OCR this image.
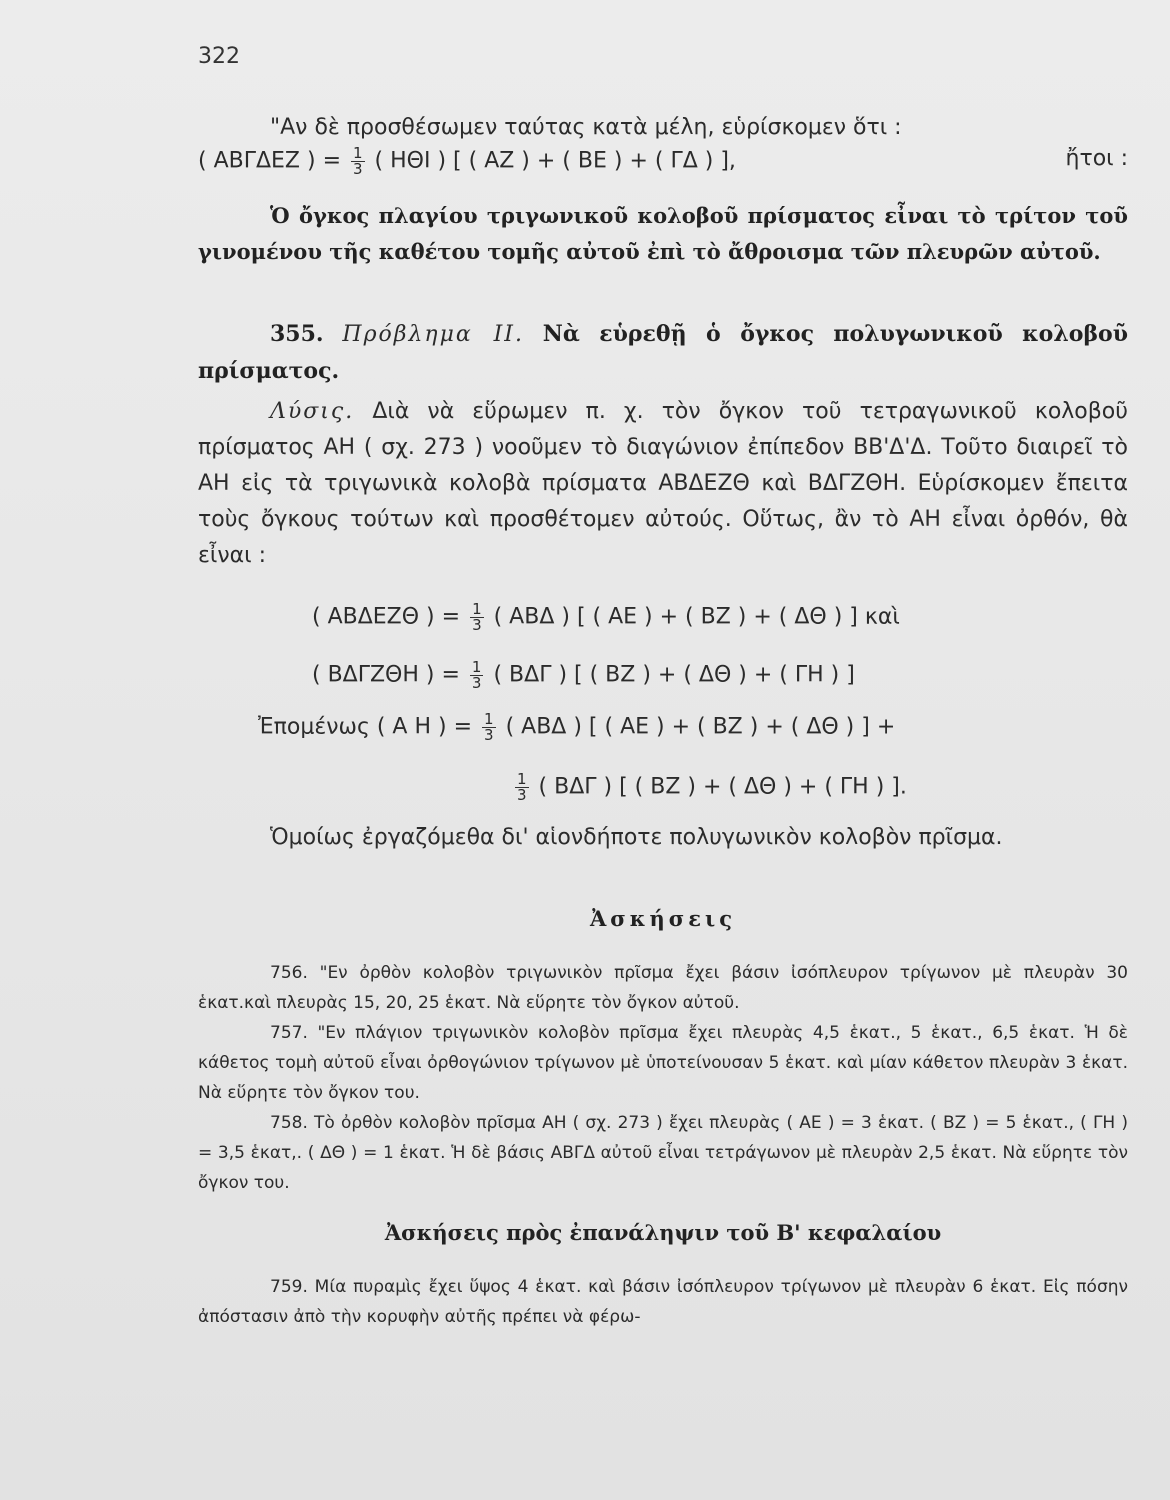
322
"Αν δὲ προσθέσωμεν ταύτας κατὰ μέλη, εὑρίσκομεν ὅτι :
( ΑΒΓΔΕΖ ) = $\frac{1}{3}$ ( ΗΘΙ ) [ ( ΑΖ ) + ( ΒΕ ) + ( ΓΔ ) ],	ἤτοι :
Ὁ ὄγκος πλαγίου τριγωνικοῦ κολοβοῦ πρίσματος εἶναι τὸ τρίτον τοῦ γινομένου τῆς καθέτου τομῆς αὐτοῦ ἐπὶ τὸ ἄθροισμα τῶν πλευρῶν αὐτοῦ.
355. Πρόβλημα ΙΙ. Νὰ εὑρεθῇ ὁ ὄγκος πολυγωνικοῦ κολοβοῦ πρίσματος.
Λύσις. Διὰ νὰ εὕρωμεν π. χ. τὸν ὄγκον τοῦ τετραγωνικοῦ κολοβοῦ πρίσματος ΑΗ ( σχ. 273 ) νοοῦμεν τὸ διαγώνιον ἐπίπεδον ΒΒ'Δ'Δ. Τοῦτο διαιρεῖ τὸ ΑΗ εἰς τὰ τριγωνικὰ κολοβὰ πρίσματα ΑΒΔΕΖΘ καὶ ΒΔΓΖΘΗ. Εὑρίσκομεν ἔπειτα τοὺς ὄγκους τούτων καὶ προσθέτομεν αὐτούς. Οὕτως, ἂν τὸ ΑΗ εἶναι ὀρθόν, θὰ εἶναι :
( ΑΒΔΕΖΘ ) = $\frac{1}{3}$ ( ΑΒΔ ) [ ( ΑΕ ) + ( ΒΖ ) + ( ΔΘ ) ] καὶ
( ΒΔΓΖΘΗ ) = $\frac{1}{3}$ ( ΒΔΓ ) [ ( ΒΖ ) + ( ΔΘ ) + ( ΓΗ ) ]
Ἐπομένως ( Α Η ) = $\frac{1}{3}$ ( ΑΒΔ ) [ ( ΑΕ ) + ( ΒΖ ) + ( ΔΘ ) ] +
$\frac{1}{3}$ ( ΒΔΓ ) [ ( ΒΖ ) + ( ΔΘ ) + ( ΓΗ ) ].
Ὁμοίως ἐργαζόμεθα δι' αἱονδήποτε πολυγωνικὸν κολοβὸν πρῖσμα.
Ἀσκήσεις
756. "Εν ὀρθὸν κολοβὸν τριγωνικὸν πρῖσμα ἔχει βάσιν ἰσόπλευρον τρίγωνον μὲ πλευρὰν 30 ἑκατ.καὶ πλευρὰς 15, 20, 25 ἑκατ. Νὰ εὕρητε τὸν ὄγκον αὐτοῦ.
757. "Εν πλάγιον τριγωνικὸν κολοβὸν πρῖσμα ἔχει πλευρὰς 4,5 ἑκατ., 5 ἑκατ., 6,5 ἑκατ. Ἡ δὲ κάθετος τομὴ αὐτοῦ εἶναι ὀρθογώνιον τρίγωνον μὲ ὑποτείνουσαν 5 ἑκατ. καὶ μίαν κάθετον πλευρὰν 3 ἑκατ. Νὰ εὕρητε τὸν ὄγκον του.
758. Τὸ ὀρθὸν κολοβὸν πρῖσμα ΑΗ ( σχ. 273 ) ἔχει πλευρὰς ( ΑΕ ) = 3 ἑκατ. ( ΒΖ ) = 5 ἑκατ., ( ΓΗ ) = 3,5 ἑκατ,. ( ΔΘ ) = 1 ἑκατ. Ἡ δὲ βάσις ΑΒΓΔ αὐτοῦ εἶναι τετράγωνον μὲ πλευρὰν 2,5 ἑκατ. Νὰ εὕρητε τὸν ὄγκον του.
Ἀσκήσεις πρὸς ἐπανάληψιν τοῦ Β' κεφαλαίου
759. Μία πυραμὶς ἔχει ὕψος 4 ἑκατ. καὶ βάσιν ἰσόπλευρον τρίγωνον μὲ πλευρὰν 6 ἑκατ. Εἰς πόσην ἀπόστασιν ἀπὸ τὴν κορυφὴν αὐτῆς πρέπει νὰ φέρω-
